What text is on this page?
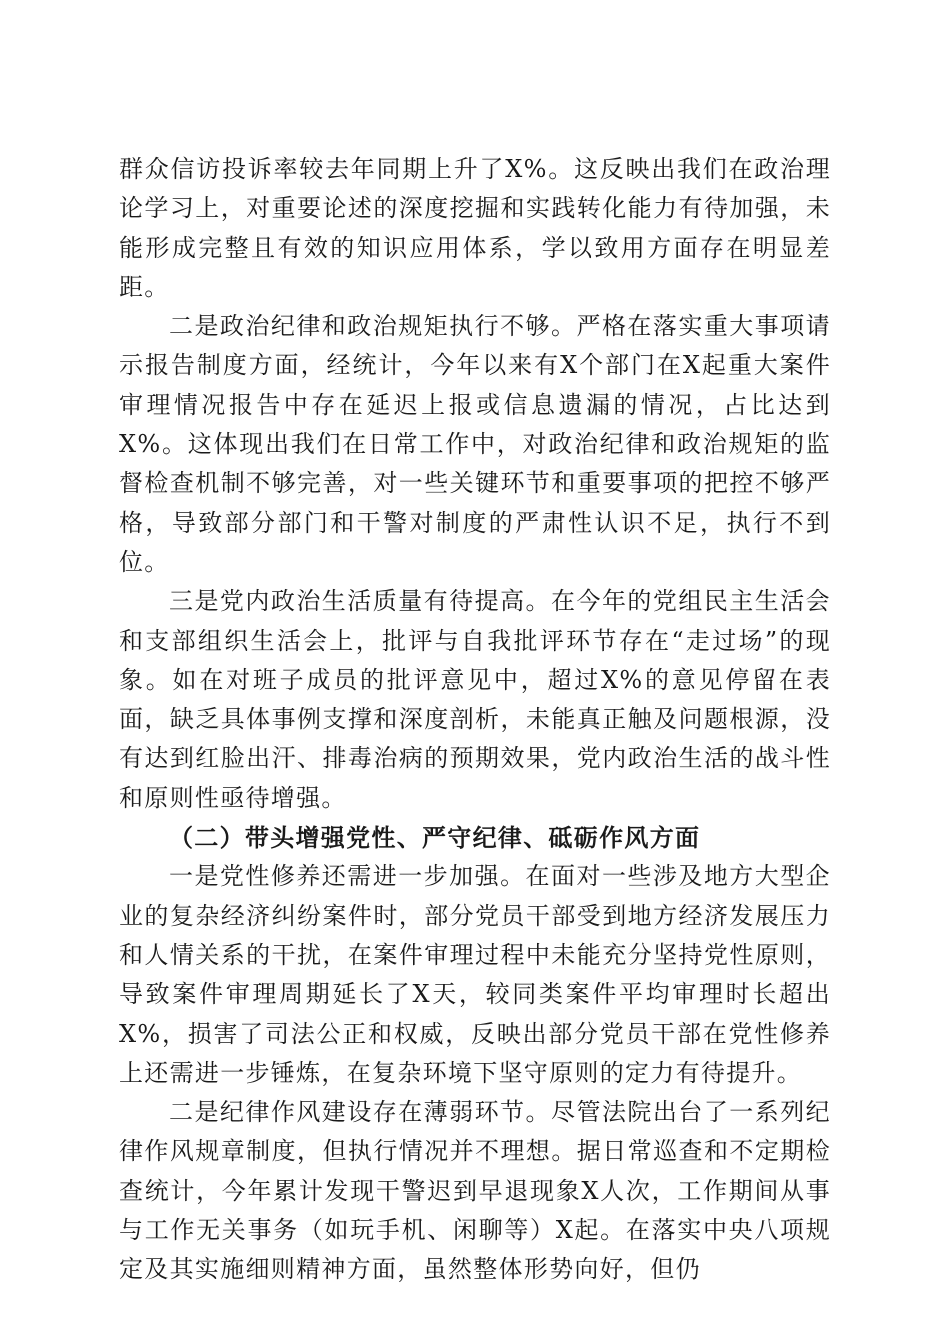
群众信访投诉率较去年同期上升了X%。这反映出我们在政治理论学习上，对重要论述的深度挖掘和实践转化能力有待加强，未能形成完整且有效的知识应用体系，学以致用方面存在明显差距。

二是政治纪律和政治规矩执行不够。严格在落实重大事项请示报告制度方面，经统计，今年以来有X个部门在X起重大案件审理情况报告中存在延迟上报或信息遗漏的情况，占比达到X%。这体现出我们在日常工作中，对政治纪律和政治规矩的监督检查机制不够完善，对一些关键环节和重要事项的把控不够严格，导致部分部门和干警对制度的严肃性认识不足，执行不到位。

三是党内政治生活质量有待提高。在今年的党组民主生活会和支部组织生活会上，批评与自我批评环节存在“走过场”的现象。如在对班子成员的批评意见中，超过X%的意见停留在表面，缺乏具体事例支撑和深度剖析，未能真正触及问题根源，没有达到红脸出汗、排毒治病的预期效果，党内政治生活的战斗性和原则性亟待增强。

（二）带头增强党性、严守纪律、砥砺作风方面

一是党性修养还需进一步加强。在面对一些涉及地方大型企业的复杂经济纠纷案件时，部分党员干部受到地方经济发展压力和人情关系的干扰，在案件审理过程中未能充分坚持党性原则，导致案件审理周期延长了X天，较同类案件平均审理时长超出X%，损害了司法公正和权威，反映出部分党员干部在党性修养上还需进一步锤炼，在复杂环境下坚守原则的定力有待提升。

二是纪律作风建设存在薄弱环节。尽管法院出台了一系列纪律作风规章制度，但执行情况并不理想。据日常巡查和不定期检查统计，今年累计发现干警迟到早退现象X人次，工作期间从事与工作无关事务（如玩手机、闲聊等）X起。在落实中央八项规定及其实施细则精神方面，虽然整体形势向好，但仍
